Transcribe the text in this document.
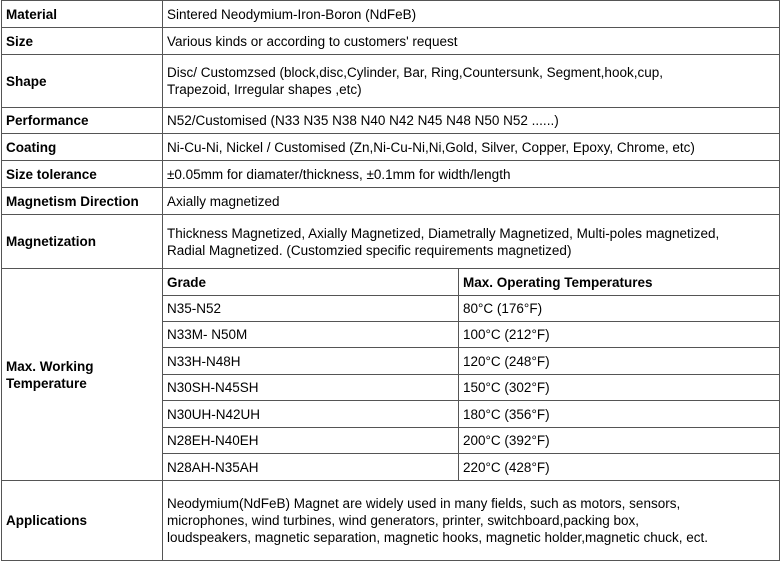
Material	Sintered Neodymium-Iron-Boron (NdFeB)	
Size	Various kinds or according to customers' request	
Shape	Disc/ Customzsed (block,disc,Cylinder, Bar, Ring,Countersunk, Segment,hook,cup,
Trapezoid, Irregular shapes ,etc)	

Performance	N52/Customised (N33 N35 N38 N40 N42 N45 N48 N50 N52 ......)	
Coating	Ni-Cu-Ni, Nickel / Customised (Zn,Ni-Cu-Ni,Ni,Gold, Silver, Copper, Epoxy, Chrome, etc)	
Size tolerance	±0.05mm for diamater/thickness, ±0.1mm for width/length	
Magnetism Direction	Axially magnetized	
Magnetization	Thickness Magnetized, Axially Magnetized, Diametrally Magnetized, Multi-poles magnetized,
Radial Magnetized. (Customzied specific requirements magnetized)	

Max. Working
Temperature	Grade	Max. Operating Temperatures
	N35-N52	80°C (176°F)
	N33M- N50M	100°C (212°F)
	N33H-N48H	120°C (248°F)
	N30SH-N45SH	150°C (302°F)
	N30UH-N42UH	180°C (356°F)
	N28EH-N40EH	200°C (392°F)
	N28AH-N35AH	220°C (428°F)
Applications	Neodymium(NdFeB) Magnet are widely used in many fields, such as motors, sensors,
microphones, wind turbines, wind generators, printer, switchboard,packing box,
loudspeakers, magnetic separation, magnetic hooks, magnetic holder,magnetic chuck, ect.	
